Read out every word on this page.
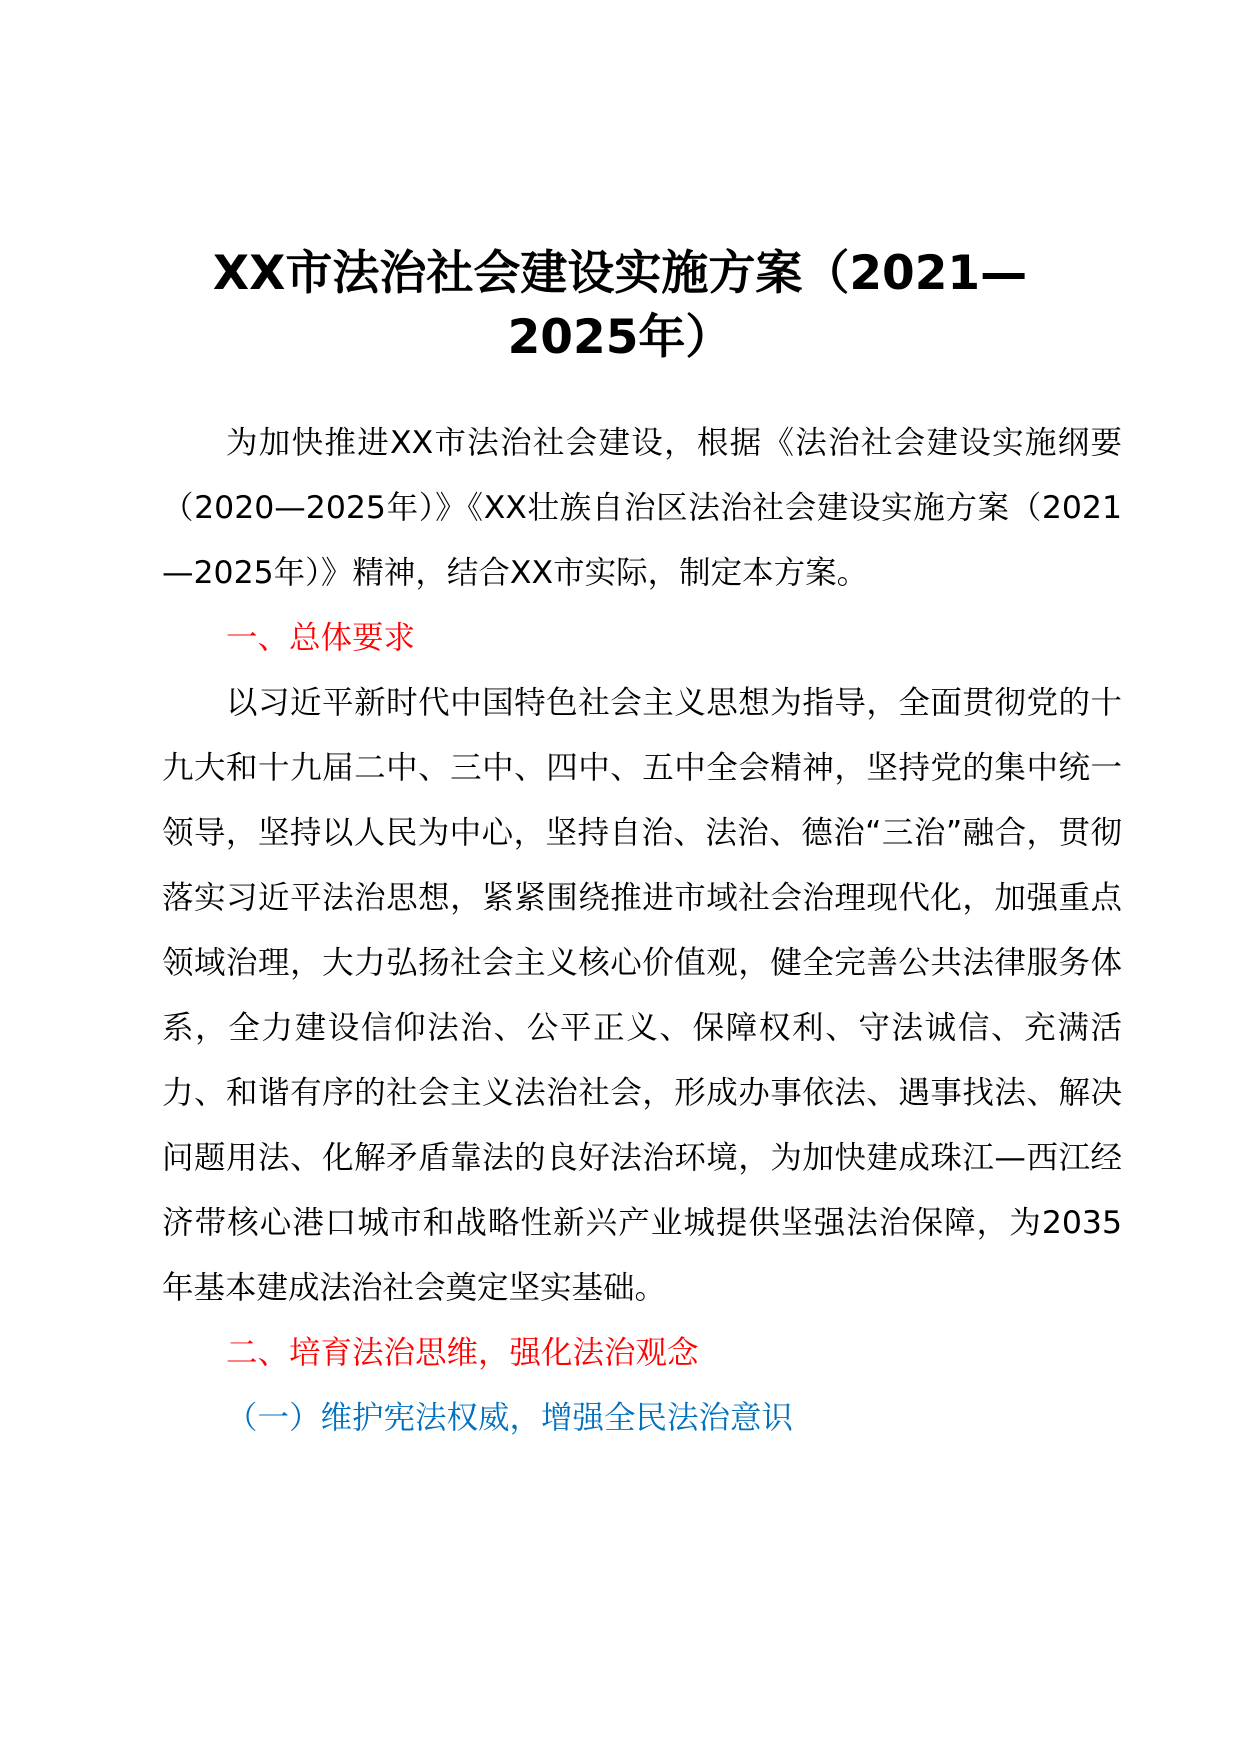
XX市法治社会建设实施方案（2021—2025年）

为加快推进XX市法治社会建设，根据《法治社会建设实施纲要（2020—2025年）》《XX壮族自治区法治社会建设实施方案（2021—2025年）》精神，结合XX市实际，制定本方案。

一、总体要求

以习近平新时代中国特色社会主义思想为指导，全面贯彻党的十九大和十九届二中、三中、四中、五中全会精神，坚持党的集中统一领导，坚持以人民为中心，坚持自治、法治、德治“三治”融合，贯彻落实习近平法治思想，紧紧围绕推进市域社会治理现代化，加强重点领域治理，大力弘扬社会主义核心价值观，健全完善公共法律服务体系，全力建设信仰法治、公平正义、保障权利、守法诚信、充满活力、和谐有序的社会主义法治社会，形成办事依法、遇事找法、解决问题用法、化解矛盾靠法的良好法治环境，为加快建成珠江—西江经济带核心港口城市和战略性新兴产业城提供坚强法治保障，为2035年基本建成法治社会奠定坚实基础。

二、培育法治思维，强化法治观念

（一）维护宪法权威，增强全民法治意识
